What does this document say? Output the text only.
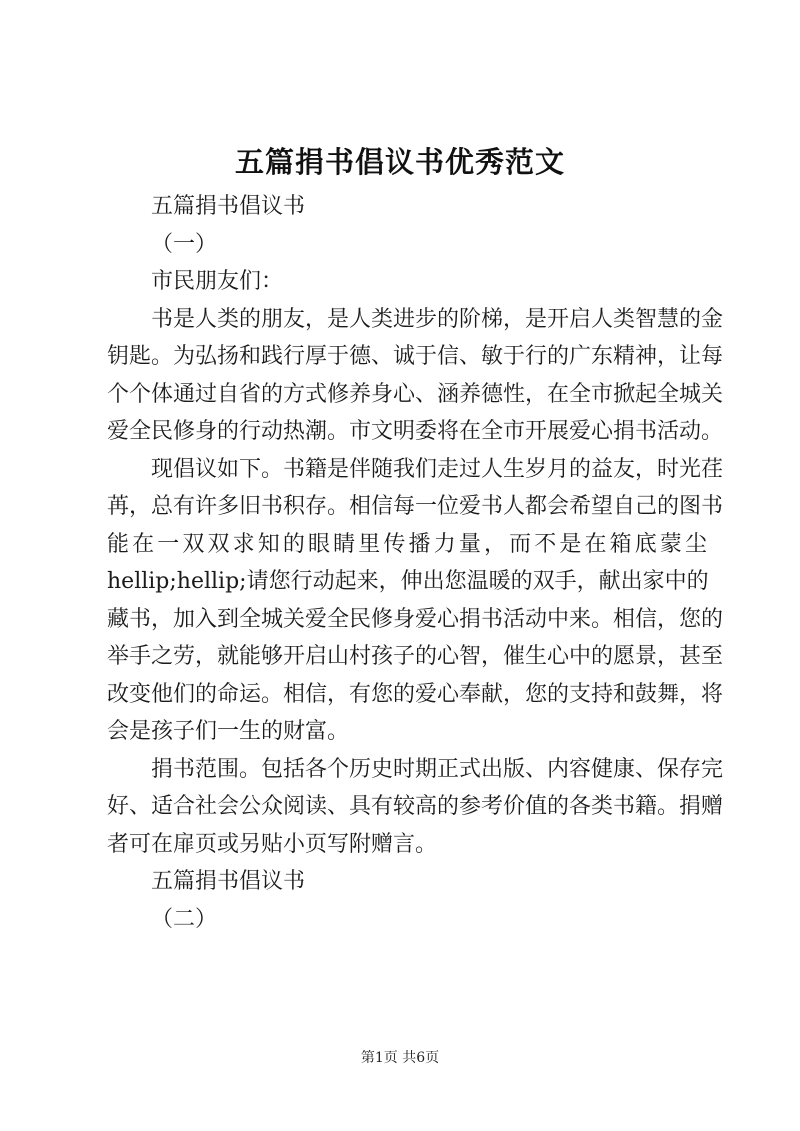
五篇捐书倡议书优秀范文
五篇捐书倡议书
（一）
市民朋友们：
书是人类的朋友，是人类进步的阶梯，是开启人类智慧的金
钥匙。为弘扬和践行厚于德、诚于信、敏于行的广东精神，让每
个个体通过自省的方式修养身心、涵养德性，在全市掀起全城关
爱全民修身的行动热潮。市文明委将在全市开展爱心捐书活动。
现倡议如下。书籍是伴随我们走过人生岁月的益友，时光荏
苒，总有许多旧书积存。相信每一位爱书人都会希望自己的图书
能在一双双求知的眼睛里传播力量，而不是在箱底蒙尘
hellip;hellip;请您行动起来，伸出您温暖的双手，献出家中的
藏书，加入到全城关爱全民修身爱心捐书活动中来。相信，您的
举手之劳，就能够开启山村孩子的心智，催生心中的愿景，甚至
改变他们的命运。相信，有您的爱心奉献，您的支持和鼓舞，将
会是孩子们一生的财富。
捐书范围。包括各个历史时期正式出版、内容健康、保存完
好、适合社会公众阅读、具有较高的参考价值的各类书籍。捐赠
者可在扉页或另贴小页写附赠言。
五篇捐书倡议书
（二）
第1页 共6页
